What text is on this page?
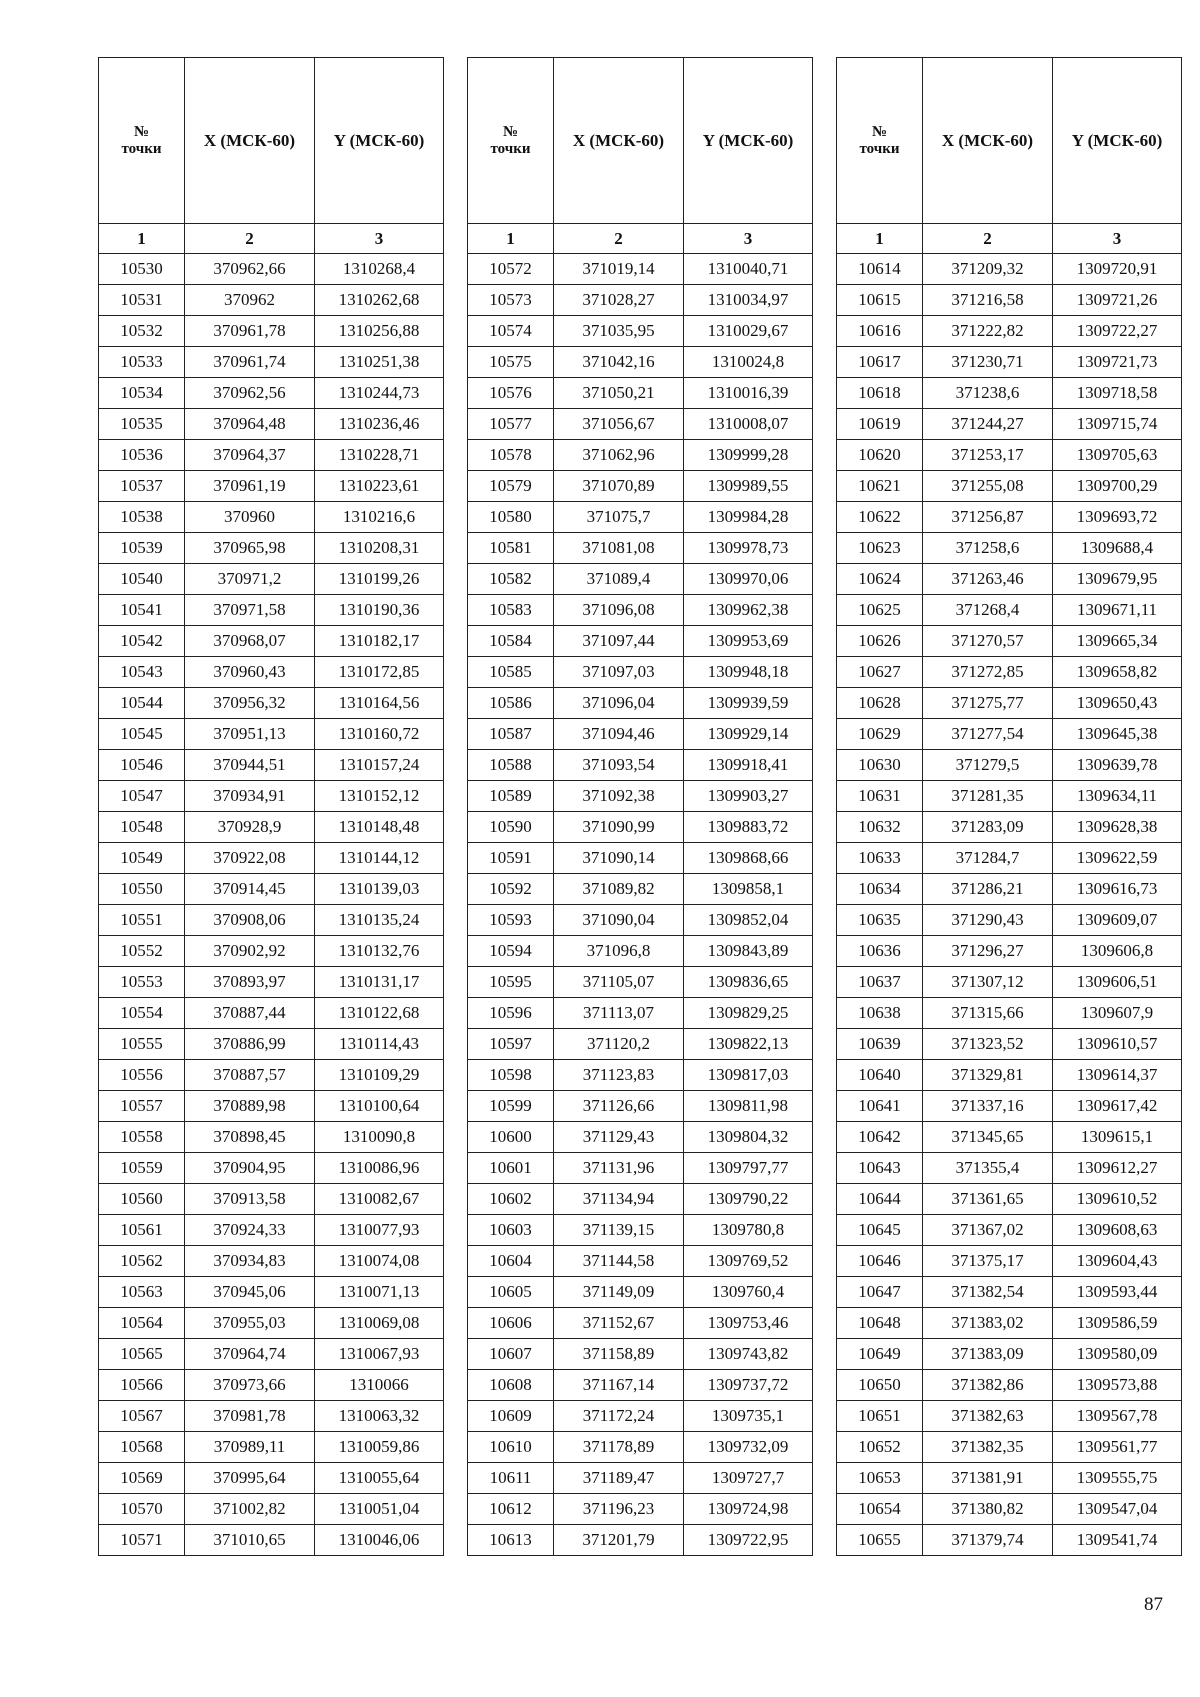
№
точки	X (МСК-60)	Y (МСК-60)
1	2	3
10530	370962,66	1310268,4
10531	370962	1310262,68
10532	370961,78	1310256,88
10533	370961,74	1310251,38
10534	370962,56	1310244,73
10535	370964,48	1310236,46
10536	370964,37	1310228,71
10537	370961,19	1310223,61
10538	370960	1310216,6
10539	370965,98	1310208,31
10540	370971,2	1310199,26
10541	370971,58	1310190,36
10542	370968,07	1310182,17
10543	370960,43	1310172,85
10544	370956,32	1310164,56
10545	370951,13	1310160,72
10546	370944,51	1310157,24
10547	370934,91	1310152,12
10548	370928,9	1310148,48
10549	370922,08	1310144,12
10550	370914,45	1310139,03
10551	370908,06	1310135,24
10552	370902,92	1310132,76
10553	370893,97	1310131,17
10554	370887,44	1310122,68
10555	370886,99	1310114,43
10556	370887,57	1310109,29
10557	370889,98	1310100,64
10558	370898,45	1310090,8
10559	370904,95	1310086,96
10560	370913,58	1310082,67
10561	370924,33	1310077,93
10562	370934,83	1310074,08
10563	370945,06	1310071,13
10564	370955,03	1310069,08
10565	370964,74	1310067,93
10566	370973,66	1310066
10567	370981,78	1310063,32
10568	370989,11	1310059,86
10569	370995,64	1310055,64
10570	371002,82	1310051,04
10571	371010,65	1310046,06
№
точки	X (МСК-60)	Y (МСК-60)
1	2	3
10572	371019,14	1310040,71
10573	371028,27	1310034,97
10574	371035,95	1310029,67
10575	371042,16	1310024,8
10576	371050,21	1310016,39
10577	371056,67	1310008,07
10578	371062,96	1309999,28
10579	371070,89	1309989,55
10580	371075,7	1309984,28
10581	371081,08	1309978,73
10582	371089,4	1309970,06
10583	371096,08	1309962,38
10584	371097,44	1309953,69
10585	371097,03	1309948,18
10586	371096,04	1309939,59
10587	371094,46	1309929,14
10588	371093,54	1309918,41
10589	371092,38	1309903,27
10590	371090,99	1309883,72
10591	371090,14	1309868,66
10592	371089,82	1309858,1
10593	371090,04	1309852,04
10594	371096,8	1309843,89
10595	371105,07	1309836,65
10596	371113,07	1309829,25
10597	371120,2	1309822,13
10598	371123,83	1309817,03
10599	371126,66	1309811,98
10600	371129,43	1309804,32
10601	371131,96	1309797,77
10602	371134,94	1309790,22
10603	371139,15	1309780,8
10604	371144,58	1309769,52
10605	371149,09	1309760,4
10606	371152,67	1309753,46
10607	371158,89	1309743,82
10608	371167,14	1309737,72
10609	371172,24	1309735,1
10610	371178,89	1309732,09
10611	371189,47	1309727,7
10612	371196,23	1309724,98
10613	371201,79	1309722,95
№
точки	X (МСК-60)	Y (МСК-60)
1	2	3
10614	371209,32	1309720,91
10615	371216,58	1309721,26
10616	371222,82	1309722,27
10617	371230,71	1309721,73
10618	371238,6	1309718,58
10619	371244,27	1309715,74
10620	371253,17	1309705,63
10621	371255,08	1309700,29
10622	371256,87	1309693,72
10623	371258,6	1309688,4
10624	371263,46	1309679,95
10625	371268,4	1309671,11
10626	371270,57	1309665,34
10627	371272,85	1309658,82
10628	371275,77	1309650,43
10629	371277,54	1309645,38
10630	371279,5	1309639,78
10631	371281,35	1309634,11
10632	371283,09	1309628,38
10633	371284,7	1309622,59
10634	371286,21	1309616,73
10635	371290,43	1309609,07
10636	371296,27	1309606,8
10637	371307,12	1309606,51
10638	371315,66	1309607,9
10639	371323,52	1309610,57
10640	371329,81	1309614,37
10641	371337,16	1309617,42
10642	371345,65	1309615,1
10643	371355,4	1309612,27
10644	371361,65	1309610,52
10645	371367,02	1309608,63
10646	371375,17	1309604,43
10647	371382,54	1309593,44
10648	371383,02	1309586,59
10649	371383,09	1309580,09
10650	371382,86	1309573,88
10651	371382,63	1309567,78
10652	371382,35	1309561,77
10653	371381,91	1309555,75
10654	371380,82	1309547,04
10655	371379,74	1309541,74
87
